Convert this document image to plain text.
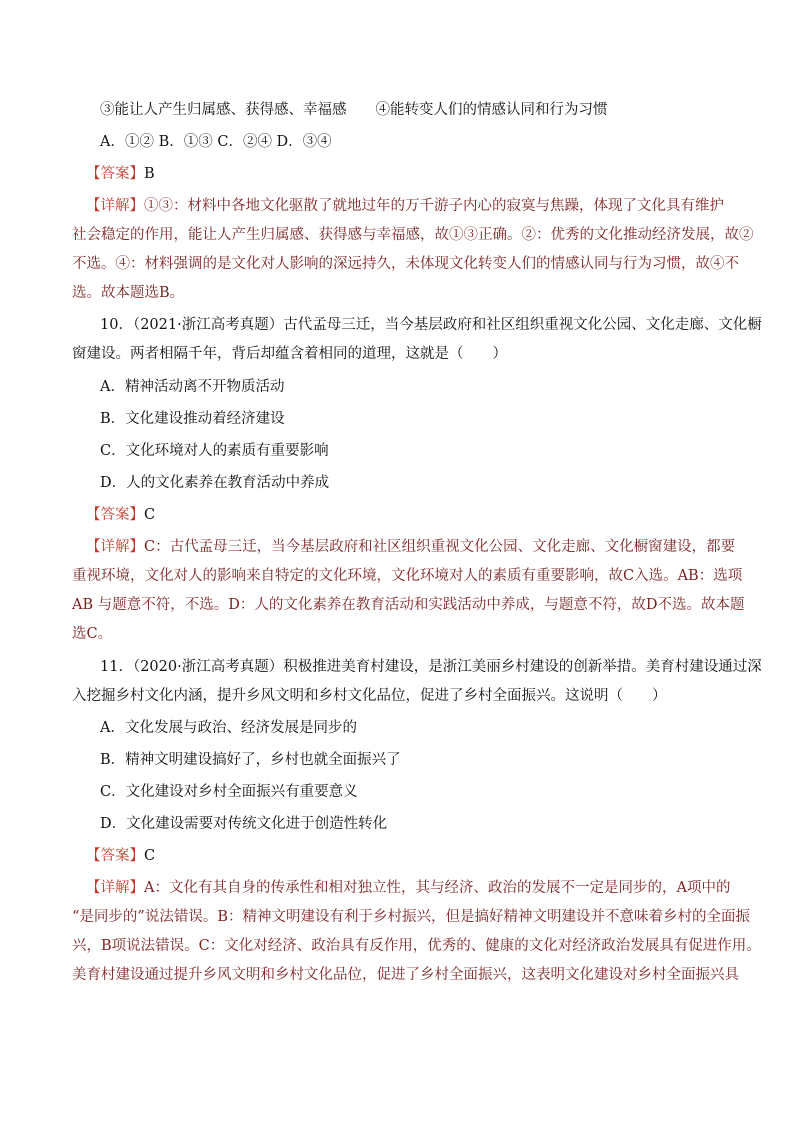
③能让人产生归属感、获得感、幸福感　　④能转变人们的情感认同和行为习惯
A．①② B．①③ C．②④ D．③④
【答案】B
【详解】①③：材料中各地文化驱散了就地过年的万千游子内心的寂寞与焦躁，体现了文化具有维护
社会稳定的作用，能让人产生归属感、获得感与幸福感，故①③正确。②：优秀的文化推动经济发展，故②
不选。④：材料强调的是文化对人影响的深远持久，未体现文化转变人们的情感认同与行为习惯，故④不
选。故本题选B。
10．（2021·浙江高考真题）古代孟母三迁，当今基层政府和社区组织重视文化公园、文化走廊、文化橱
窗建设。两者相隔千年，背后却蕴含着相同的道理，这就是（　　）
A．精神活动离不开物质活动
B．文化建设推动着经济建设
C．文化环境对人的素质有重要影响
D．人的文化素养在教育活动中养成
【答案】C
【详解】C：古代孟母三迁，当今基层政府和社区组织重视文化公园、文化走廊、文化橱窗建设，都要
重视环境，文化对人的影响来自特定的文化环境，文化环境对人的素质有重要影响，故C入选。AB：选项
AB 与题意不符，不选。D：人的文化素养在教育活动和实践活动中养成，与题意不符，故D不选。故本题
选C。
11．（2020·浙江高考真题）积极推进美育村建设，是浙江美丽乡村建设的创新举措。美育村建设通过深
入挖掘乡村文化内涵，提升乡风文明和乡村文化品位，促进了乡村全面振兴。这说明（　　）
A．文化发展与政治、经济发展是同步的
B．精神文明建设搞好了，乡村也就全面振兴了
C．文化建设对乡村全面振兴有重要意义
D．文化建设需要对传统文化进于创造性转化
【答案】C
【详解】A：文化有其自身的传承性和相对独立性，其与经济、政治的发展不一定是同步的，A项中的
“是同步的”说法错误。B：精神文明建设有利于乡村振兴，但是搞好精神文明建设并不意味着乡村的全面振
兴，B项说法错误。C：文化对经济、政治具有反作用，优秀的、健康的文化对经济政治发展具有促进作用。
美育村建设通过提升乡风文明和乡村文化品位，促进了乡村全面振兴，这表明文化建设对乡村全面振兴具
